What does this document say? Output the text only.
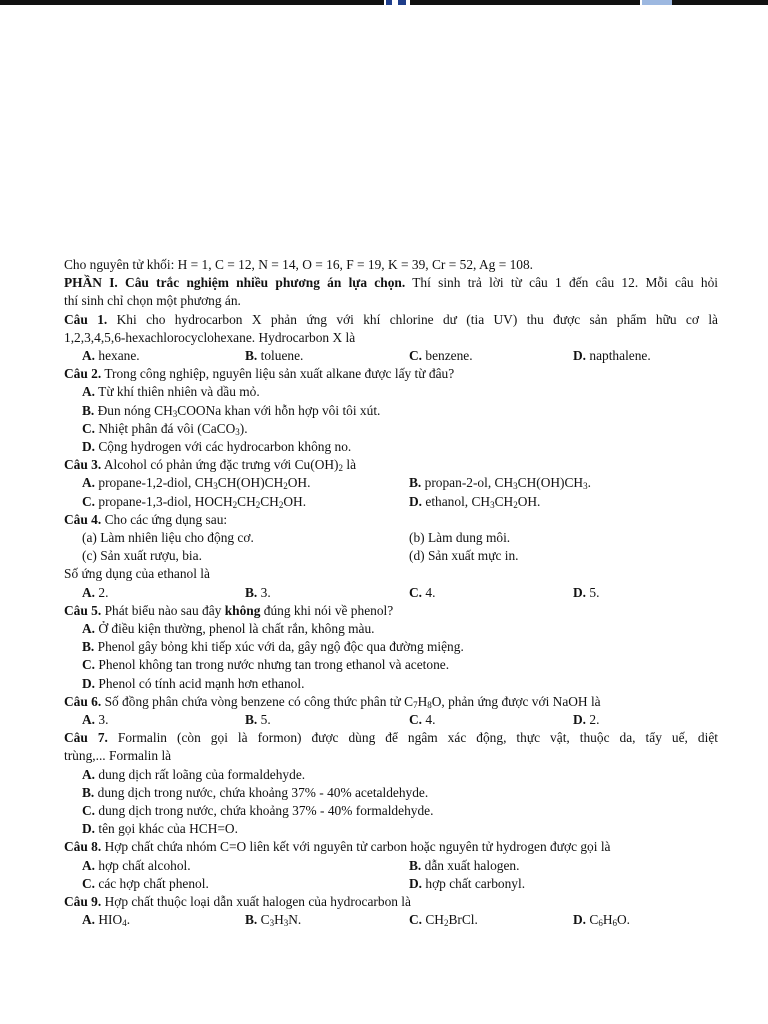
Cho nguyên tử khối: H = 1, C = 12, N = 14, O = 16, F = 19, K = 39, Cr = 52, Ag = 108.
PHẦN I. Câu trắc nghiệm nhiều phương án lựa chọn. Thí sinh trả lời từ câu 1 đến câu 12. Mỗi câu hỏi
thí sinh chỉ chọn một phương án.
Câu 1. Khi cho hydrocarbon X phản ứng với khí chlorine dư (tia UV) thu được sản phẩm hữu cơ là
1,2,3,4,5,6-hexachlorocyclohexane. Hydrocarbon X là
A. hexane.	B. toluene.	C. benzene.	D. napthalene.
Câu 2. Trong công nghiệp, nguyên liệu sản xuất alkane được lấy từ đâu?
A. Từ khí thiên nhiên và dầu mỏ.
B. Đun nóng $CH_3COONa$ khan với hỗn hợp vôi tôi xút.
C. Nhiệt phân đá vôi (CaCO$_3$).
D. Cộng hydrogen với các hydrocarbon không no.
Câu 3. Alcohol có phản ứng đặc trưng với $Cu(OH)_2$ là
A. propane-1,2-diol, $CH_3CH(OH)CH_2OH$.	B. propan-2-ol, $CH_3CH(OH)CH_3$.
C. propane-1,3-diol, $HOCH_2CH_2CH_2OH$.	D. ethanol, $CH_3CH_2OH$.
Câu 4. Cho các ứng dụng sau:
(a) Làm nhiên liệu cho động cơ.	(b) Làm dung môi.
(c) Sản xuất rượu, bia.	(d) Sản xuất mực in.
Số ứng dụng của ethanol là
A. 2.	B. 3.	C. 4.	D. 5.
Câu 5. Phát biểu nào sau đây không đúng khi nói về phenol?
A. Ở điều kiện thường, phenol là chất rắn, không màu.
B. Phenol gây bỏng khi tiếp xúc với da, gây ngộ độc qua đường miệng.
C. Phenol không tan trong nước nhưng tan trong ethanol và acetone.
D. Phenol có tính acid mạnh hơn ethanol.
Câu 6. Số đồng phân chứa vòng benzene có công thức phân tử $C_7H_8O$, phản ứng được với NaOH là
A. 3.	B. 5.	C. 4.	D. 2.
Câu 7. Formalin (còn gọi là formon) được dùng để ngâm xác động, thực vật, thuộc da, tẩy uế, diệt
trùng,... Formalin là
A. dung dịch rất loãng của formaldehyde.
B. dung dịch trong nước, chứa khoảng 37% - 40% acetaldehyde.
C. dung dịch trong nước, chứa khoảng 37% - 40% formaldehyde.
D. tên gọi khác của HCH=O.
Câu 8. Hợp chất chứa nhóm C=O liên kết với nguyên tử carbon hoặc nguyên tử hydrogen được gọi là
A. hợp chất alcohol.	B. dẫn xuất halogen.
C. các hợp chất phenol.	D. hợp chất carbonyl.
Câu 9. Hợp chất thuộc loại dẫn xuất halogen của hydrocarbon là
A. $HIO_4$.	B. $C_3H_3N$.	C. $CH_2BrCl$.	D. $C_6H_6O$.
